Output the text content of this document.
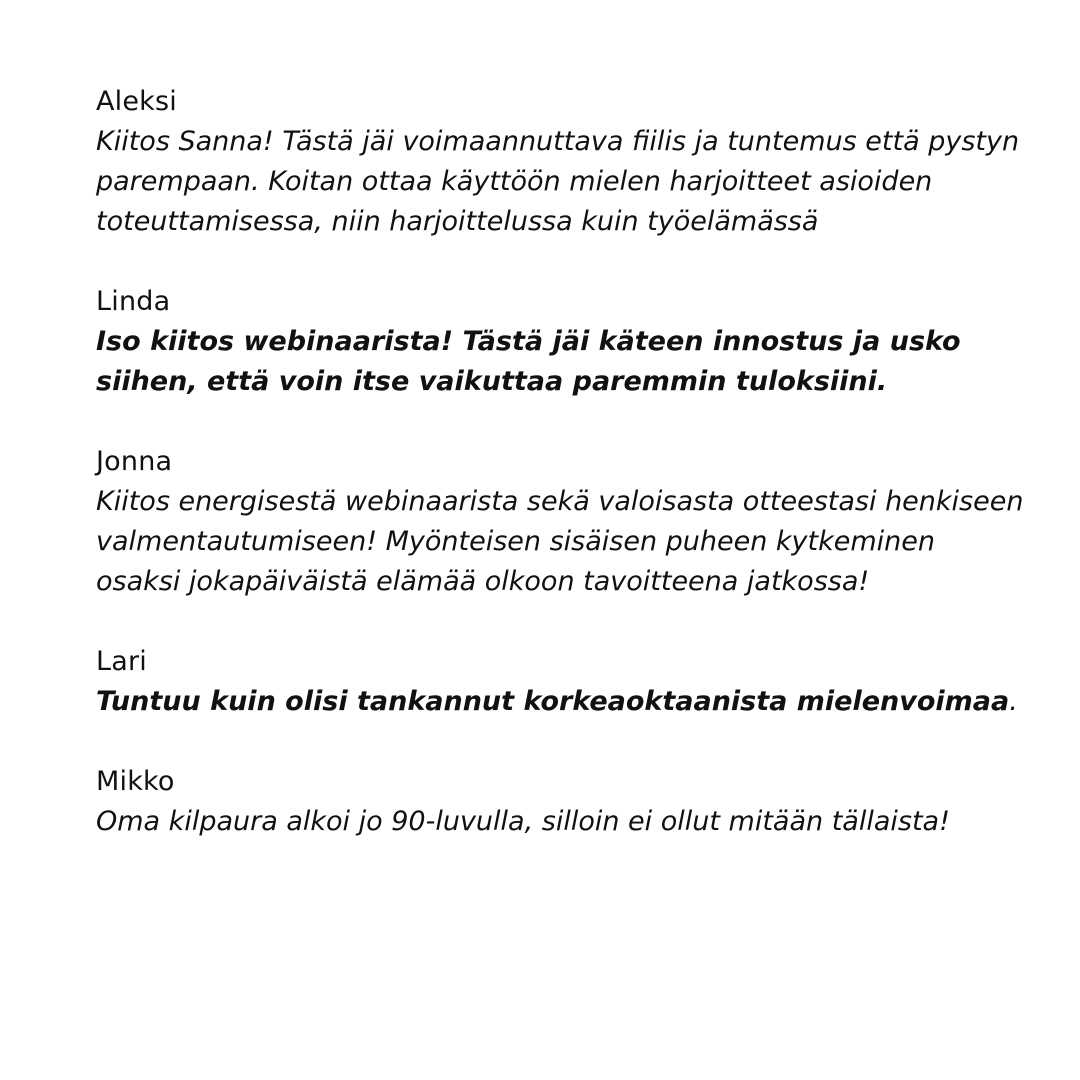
Aleksi

Kiitos Sanna! Tästä jäi voimaannuttava fiilis ja tuntemus että pystyn parempaan. Koitan ottaa käyttöön mielen harjoitteet asioiden toteuttamisessa, niin harjoittelussa kuin työelämässä

Linda

Iso kiitos webinaarista! Tästä jäi käteen innostus ja usko siihen, että voin itse vaikuttaa paremmin tuloksiini.

Jonna

Kiitos energisestä webinaarista sekä valoisasta otteestasi henkiseen valmentautumiseen! Myönteisen sisäisen puheen kytkeminen osaksi jokapäiväistä elämää olkoon tavoitteena jatkossa!

Lari

Tuntuu kuin olisi tankannut korkeaoktaanista mielenvoimaa.

Mikko

Oma kilpaura alkoi jo 90-luvulla, silloin ei ollut mitään tällaista!
